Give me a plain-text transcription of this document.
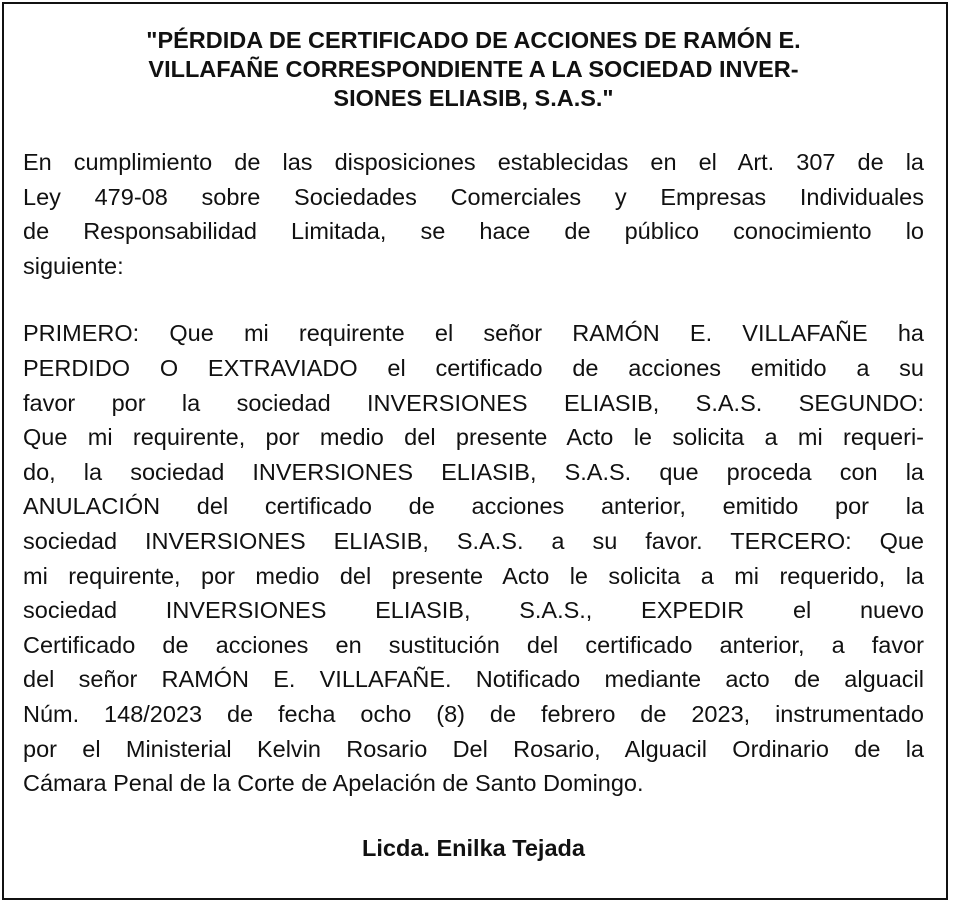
"PÉRDIDA DE CERTIFICADO DE ACCIONES DE RAMÓN E.
VILLAFAÑE CORRESPONDIENTE A LA SOCIEDAD INVER-
SIONES ELIASIB, S.A.S."

En cumplimiento de las disposiciones establecidas en el Art. 307 de la
Ley 479-08 sobre Sociedades Comerciales y Empresas Individuales
de Responsabilidad Limitada, se hace de público conocimiento lo
siguiente:

PRIMERO: Que mi requirente el señor RAMÓN E. VILLAFAÑE ha
PERDIDO O EXTRAVIADO el certificado de acciones emitido a su
favor por la sociedad INVERSIONES ELIASIB, S.A.S. SEGUNDO:
Que mi requirente, por medio del presente Acto le solicita a mi requeri-
do, la sociedad INVERSIONES ELIASIB, S.A.S. que proceda con la
ANULACIÓN del certificado de acciones anterior, emitido por la
sociedad INVERSIONES ELIASIB, S.A.S. a su favor. TERCERO: Que
mi requirente, por medio del presente Acto le solicita a mi requerido, la
sociedad INVERSIONES ELIASIB, S.A.S., EXPEDIR el nuevo
Certificado de acciones en sustitución del certificado anterior, a favor
del señor RAMÓN E. VILLAFAÑE. Notificado mediante acto de alguacil
Núm. 148/2023 de fecha ocho (8) de febrero de 2023, instrumentado
por el Ministerial Kelvin Rosario Del Rosario, Alguacil Ordinario de la
Cámara Penal de la Corte de Apelación de Santo Domingo.

Licda. Enilka Tejada
